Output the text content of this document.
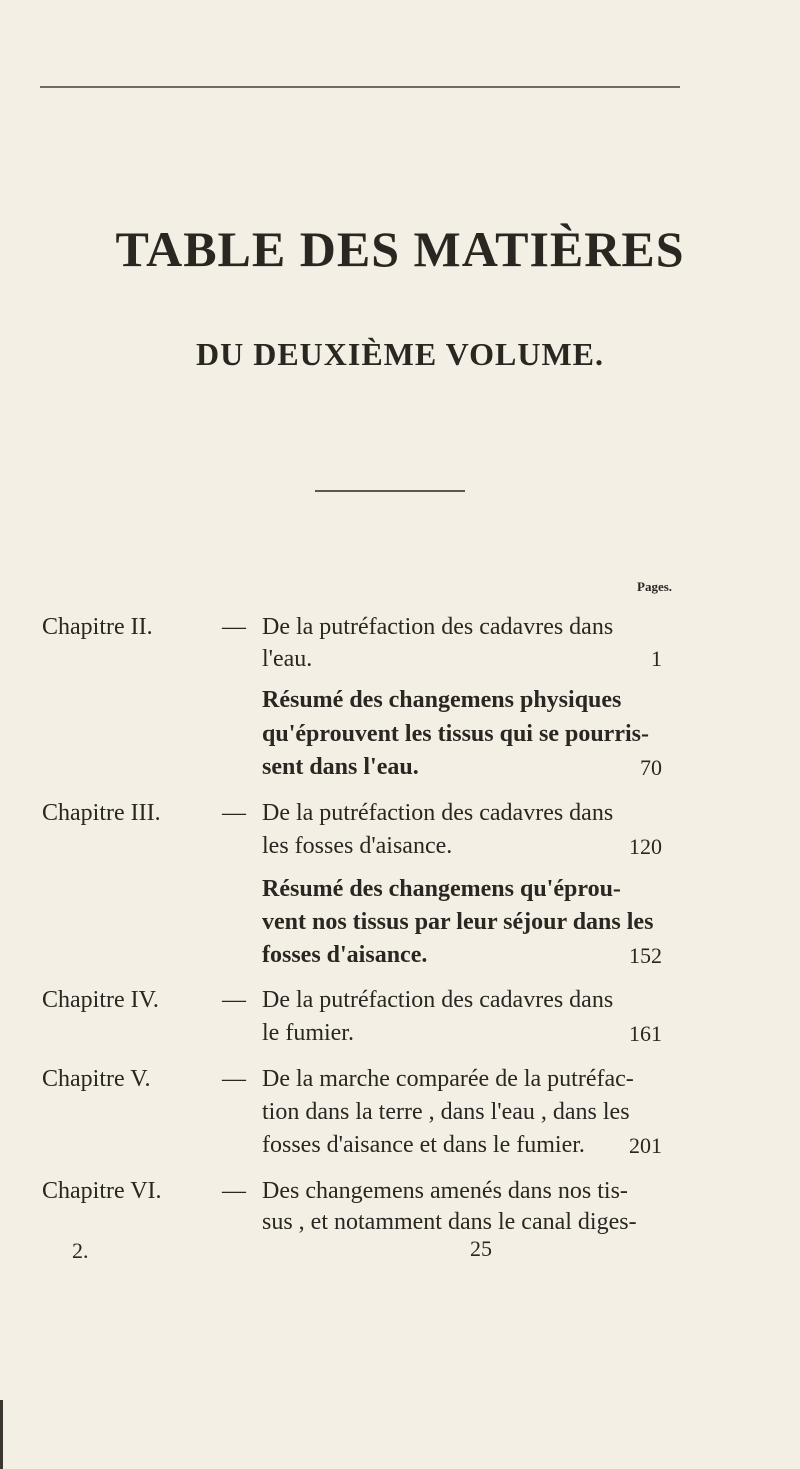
TABLE DES MATIÈRES
DU DEUXIÈME VOLUME.
Pages.
Chapitre II.	— De la putréfaction des cadavres dans
l'eau.	1
Résumé des changemens physiques
qu'éprouvent les tissus qui se pourris-
sent dans l'eau.	70
Chapitre III.	— De la putréfaction des cadavres dans
les fosses d'aisance.	120
Résumé des changemens qu'éprou-
vent nos tissus par leur séjour dans les
fosses d'aisance.	152
Chapitre IV.	— De la putréfaction des cadavres dans
le fumier.	161
Chapitre V.	— De la marche comparée de la putréfac-
tion dans la terre , dans l'eau , dans les
fosses d'aisance et dans le fumier.	201
Chapitre VI.	— Des changemens amenés dans nos tis-
sus , et notamment dans le canal diges-
2.	25
